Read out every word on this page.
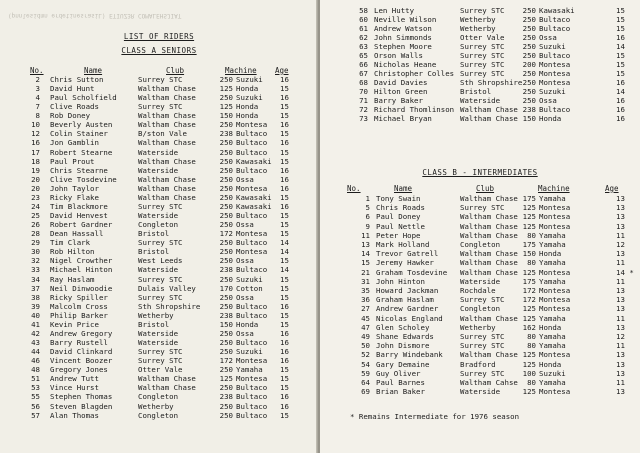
(pnnlesidmn erdetinesrasiL) ETIUZ3R COMALEHSJIAT
LIST OF RIDERS
CLASS A SENIORS
No.	Name	Club	Machine Age
2 Chris Sutton	Surrey STC	250 Suzuki 16
3 David Hunt	Waltham Chase	125 Honda	15
4 Paul Scholfield	Waltham Chase	250 Suzuki 16
7 Clive Roads	Surrey STC	125 Honda	15
8 Rob Doney	Waltham Chase	150 Honda	15
10 Beverly Austen	Waltham Chase	250 Montesa 16
12 Colin Stainer	B/ston Vale	238 Bultaco 15
16 Jon Gamblin	Waltham Chase	250 Bultaco 16
17 Robert Stearne	Waterside	250 Bultaco 15
18 Paul Prout	Waltham Chase	250 Kawasaki 15
19 Chris Stearne	Waterside	250 Bultaco 16
20 Clive Tosdevine	Waltham Chase	250 Ossa	16
20 John Taylor	Waltham Chase	250 Montesa 16
23 Ricky Flake	Waltham Chase	250 Kawasaki 15
24 Tim Blackmore	Surrey STC	250 Kawasaki 16
25 David Henvest	Waterside	250 Bultaco 15
26 Robert Gardner	Congleton	250 Ossa	15
28 Dean Hassall	Bristol	172 Montesa 15
29 Tim Clark	Surrey STC	250 Bultaco 14
30 Rob Hilton	Bristol	250 Montesa 14
32 Nigel Crowther	West Leeds	250 Ossa	15
33 Michael Hinton	Waterside	238 Bultaco 14
34 Ray Haslam	Surrey STC	250 Suzuki 15
37 Neil Dinwoodie	Dulais Valley	170 Cotton 15
38 Ricky Spiller	Surrey STC	250 Ossa	15
39 Malcolm Cross	Sth Shropshire	250 Bultaco 16
40 Philip Barker	Wetherby	238 Bultaco 15
41 Kevin Price	Bristol	150 Honda	15
42 Andrew Gregory	Waterside	250 Ossa	16
43 Barry Rustell	Waterside	250 Bultaco 16
44 David Clinkard	Surrey STC	250 Suzuki 16
46 Vincent Boozer	Surrey STC	172 Montesa 16
48 Gregory Jones	Otter Vale	250 Yamaha 15
51 Andrew Tutt	Waltham Chase	125 Montesa 15
53 Vince Hurst	Waltham Chase	250 Bultaco 15
55 Stephen Thomas	Congleton	238 Bultaco 16
56 Steven Blagden	Wetherby	250 Bultaco 16
57 Alan Thomas	Congleton	250 Bultaco 15
CLASS B - INTERMEDIATES
No.	Name	Club	Machine	Age
* Remains Intermediate for 1976 season
58 Len Hutty	Surrey STC	250 Kawasaki	15
60 Neville Wilson	Wetherby	250 Bultaco	15
61 Andrew Watson	Wetherby	250 Bultaco	15
62 John Simmonds	Otter Vale	250 Ossa	16
63 Stephen Moore	Surrey STC	250 Suzuki	14
65 Orson Walls	Surrey STC	250 Bultaco	15
66 Nicholas Heane	Surrey STC	200 Montesa	15
67 Christopher Colles Surrey STC	250 Montesa	15
68 David Davies	Sth Shropshire 250 Montesa	16
70 Hilton Green	Bristol	250 Suzuki	14
71 Barry Baker	Waterside	250 Ossa	16
72 Richard Thomlinson Waltham Chase 238 Bultaco	16
73 Michael Bryan	Waltham Chase 150 Honda	16
1 Tony Swain	Waltham Chase 175 Yamaha	13
5 Chris Roads	Surrey STC	125 Montesa	13
6 Paul Doney	Waltham Chase 125 Montesa	13
9 Paul Nettle	Waltham Chase 125 Montesa	13
11 Peter Hope	Waltham Chase	80 Yamaha	11
13 Mark Holland	Congleton	175 Yamaha	12
14 Trevor Gatrell	Waltham Chase 150 Honda	13
15 Jeremy Hawker	Waltham Chase	80 Yamaha	11
21 Graham Tosdevine Waltham Chase 125 Montesa	14 *
31 John Hinton	Waterside	175 Yamaha	11
35 Howard Jackman	Rochdale	172 Montesa	13
36 Graham Haslam	Surrey STC	172 Montesa	13
27 Andrew Gardner	Congleton	125 Montesa	13
45 Nicolas England Waltham Chase 125 Yamaha	11
47 Glen Scholey	Wetherby	162 Honda	13
49 Shane Edwards	Surrey STC	80 Yamaha	12
50 John Dismore	Surrey STC	80 Yamaha	11
52 Barry Windebank Waltham Chase 125 Montesa	13
54 Gary Demaine	Bradford	125 Honda	13
59 Guy Oliver	Surrey STC	100 Suzuki	13
64 Paul Barnes	Waltham Cahse	80 Yamaha	11
69 Brian Baker	Waterside	125 Montesa	13
